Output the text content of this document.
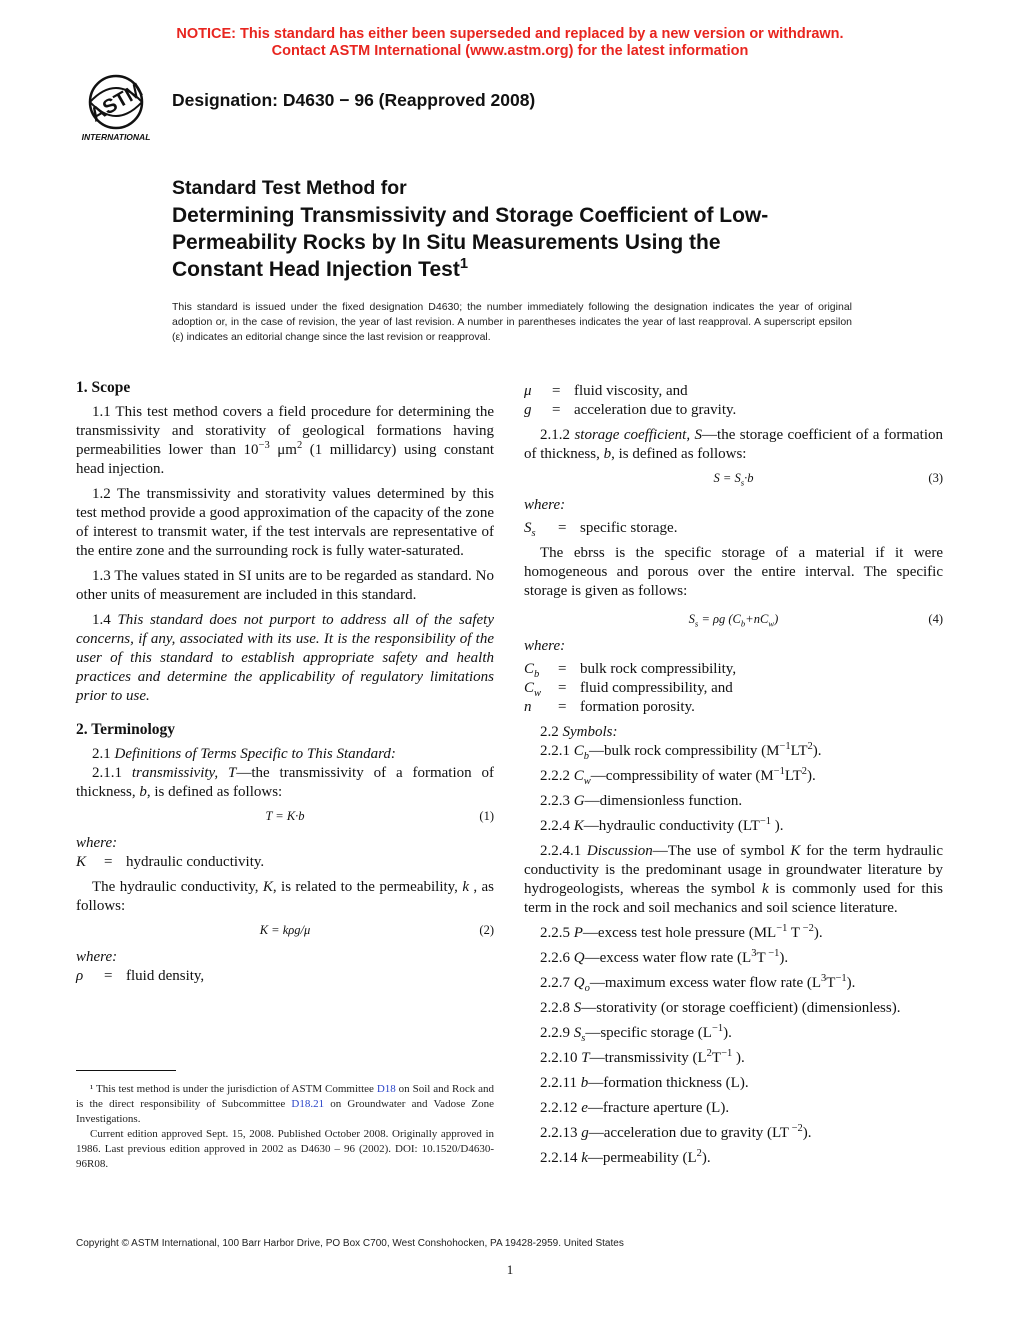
NOTICE: This standard has either been superseded and replaced by a new version or withdrawn.
Contact ASTM International (www.astm.org) for the latest information
ASTM
INTERNATIONAL
Designation: D4630 − 96 (Reapproved 2008)
Standard Test Method for
Determining Transmissivity and Storage Coefficient of Low-
Permeability Rocks by In Situ Measurements Using the
Constant Head Injection Test$^1$
This standard is issued under the fixed designation D4630; the number immediately following the designation indicates the year of original adoption or, in the case of revision, the year of last revision. A number in parentheses indicates the year of last reapproval. A superscript epsilon (ε) indicates an editorial change since the last revision or reapproval.

1. Scope

1.1 This test method covers a field procedure for determining the transmissivity and storativity of geological formations having permeabilities lower than $10^{-3}$ $\mu m^2$ (1 millidarcy) using constant head injection.

1.2 The transmissivity and storativity values determined by this test method provide a good approximation of the capacity of the zone of interest to transmit water, if the test intervals are representative of the entire zone and the surrounding rock is fully water-saturated.

1.3 The values stated in SI units are to be regarded as standard. No other units of measurement are included in this standard.

1.4 This standard does not purport to address all of the safety concerns, if any, associated with its use. It is the responsibility of the user of this standard to establish appropriate safety and health practices and determine the applicability of regulatory limitations prior to use.

2. Terminology

2.1 Definitions of Terms Specific to This Standard:

2.1.1 transmissivity, T—the transmissivity of a formation of thickness, b, is defined as follows:

T = K·b	(1)

where:

K	= hydraulic conductivity.

The hydraulic conductivity, K, is related to the permeability, k , as follows:

K = kρg/μ	(2)

where:

ρ	= fluid density,

¹ This test method is under the jurisdiction of ASTM Committee D18 on Soil and Rock and is the direct responsibility of Subcommittee D18.21 on Groundwater and Vadose Zone Investigations.

Current edition approved Sept. 15, 2008. Published October 2008. Originally approved in 1986. Last previous edition approved in 2002 as D4630 – 96 (2002). DOI: 10.1520/D4630-96R08.

μ	= fluid viscosity, and
g	= acceleration due to gravity.

2.1.2 storage coefficient, S—the storage coefficient of a formation of thickness, b, is defined as follows:

$S = S_s\cdot b$	(3)

where:

$S_s$	= specific storage.

The ebrss is the specific storage of a material if it were homogeneous and porous over the entire interval. The specific storage is given as follows:

$S_s = \rho g$ $(C_b+nC_w)$	(4)

where:

$C_b$	= bulk rock compressibility,
$C_w$	= fluid compressibility, and
n	= formation porosity.

2.2 Symbols:

2.2.1 $C_b—bulk$ rock compressibility $(M^{-1}LT^2)$.

2.2.2 $C_w—compressibility$ of water $(M^{-1}LT^2)$.

2.2.3 G—dimensionless function.

2.2.4 K—hydraulic conductivity ($LT^{-1}$ ).

2.2.4.1 Discussion—The use of symbol K for the term hydraulic conductivity is the predominant usage in groundwater literature by hydrogeologists, whereas the symbol k is commonly used for this term in the rock and soil mechanics and soil science literature.

2.2.5 P—excess test hole pressure ($ML^{-1}$ T $^{-2}$).

2.2.6 Q—excess water flow rate ($L^3T$ $^{-1}$).

2.2.7 $Q_o—maximum$ excess water flow rate $(L^3T^{-1})$.

2.2.8 S—storativity (or storage coefficient) (dimensionless).

2.2.9 $S_s—specific$ storage $(L^{-1})$.

2.2.10 T—transmissivity ($L^2T^{-1}$ ).

2.2.11 b—formation thickness (L).

2.2.12 e—fracture aperture (L).

2.2.13 g—acceleration due to gravity (LT $^{-2}$).

2.2.14 k—permeability $(L^2)$.

Copyright © ASTM International, 100 Barr Harbor Drive, PO Box C700, West Conshohocken, PA 19428-2959. United States
1
